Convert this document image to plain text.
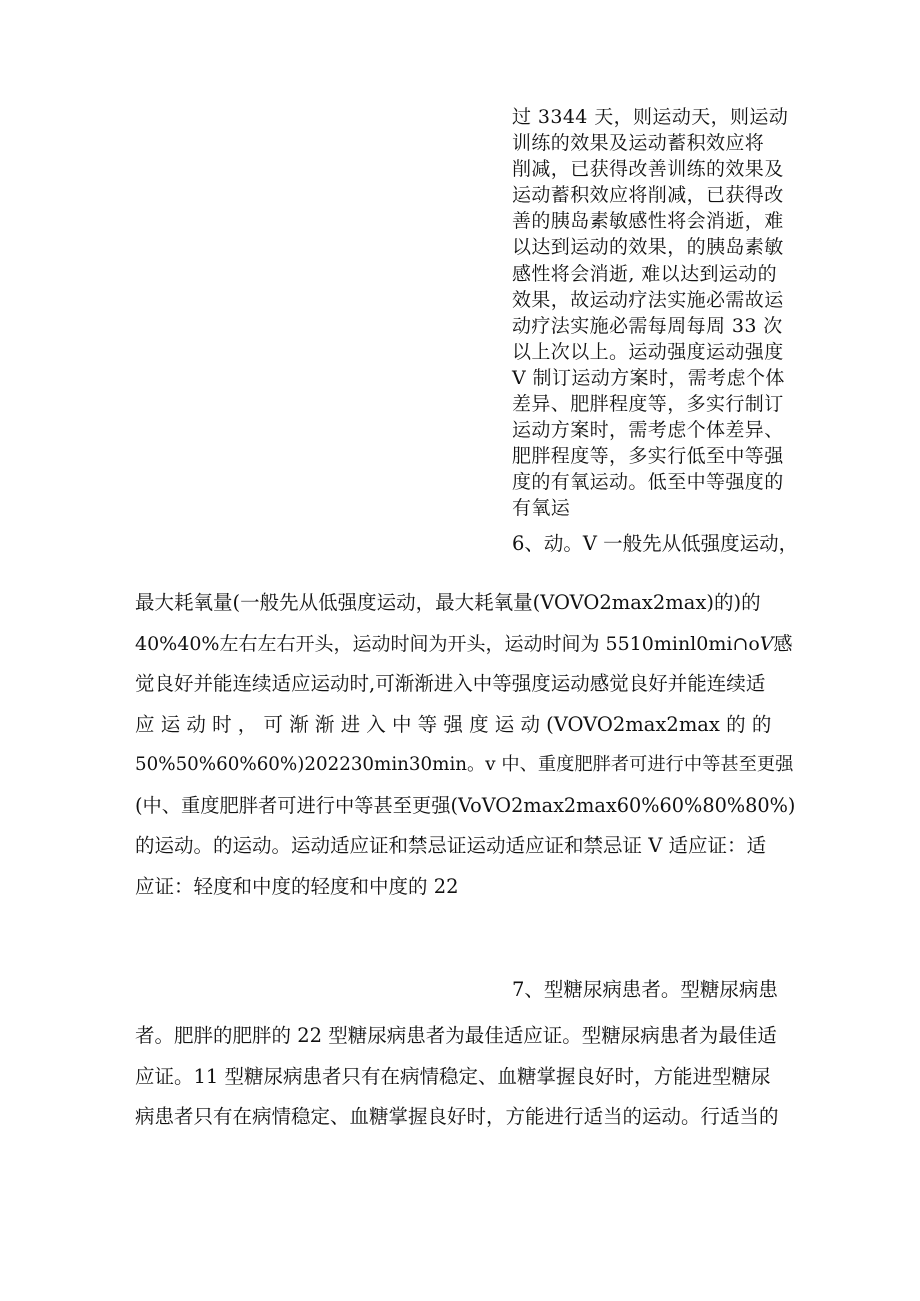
过 3344 天，则运动天，则运动
训练的效果及运动蓄积效应将
削减，已获得改善训练的效果及
运动蓄积效应将削减，已获得改
善的胰岛素敏感性将会消逝，难
以达到运动的效果，的胰岛素敏
感性将会消逝, 难以达到运动的
效果，故运动疗法实施必需故运
动疗法实施必需每周每周 33 次
以上次以上。运动强度运动强度
V 制订运动方案时，需考虑个体
差异、肥胖程度等，多实行制订
运动方案时，需考虑个体差异、
肥胖程度等，多实行低至中等强
度的有氧运动。低至中等强度的
有氧运
6、动。V 一般先从低强度运动，
最大耗氧量(一般先从低强度运动，最大耗氧量(VOVO2max2max)的)的
40%40%左右左右开头，运动时间为开头，运动时间为 5510minl0mi∩o𝑉感
觉良好并能连续适应运动时,可渐渐进入中等强度运动感觉良好并能连续适
应 运 动 时 ， 可 渐 渐 进 入 中 等 强 度 运 动 (VOVO2max2max 的 的
50%50%60%60%)202230min30min。v 中、重度肥胖者可进行中等甚至更强
(中、重度肥胖者可进行中等甚至更强(VoVO2max2max60%60%80%80%)
的运动。的运动。运动适应证和禁忌证运动适应证和禁忌证 V 适应证：适
应证：轻度和中度的轻度和中度的 22
7、型糖尿病患者。型糖尿病患
者。肥胖的肥胖的 22 型糖尿病患者为最佳适应证。型糖尿病患者为最佳适
应证。11 型糖尿病患者只有在病情稳定、血糖掌握良好时，方能进型糖尿
病患者只有在病情稳定、血糖掌握良好时，方能进行适当的运动。行适当的
